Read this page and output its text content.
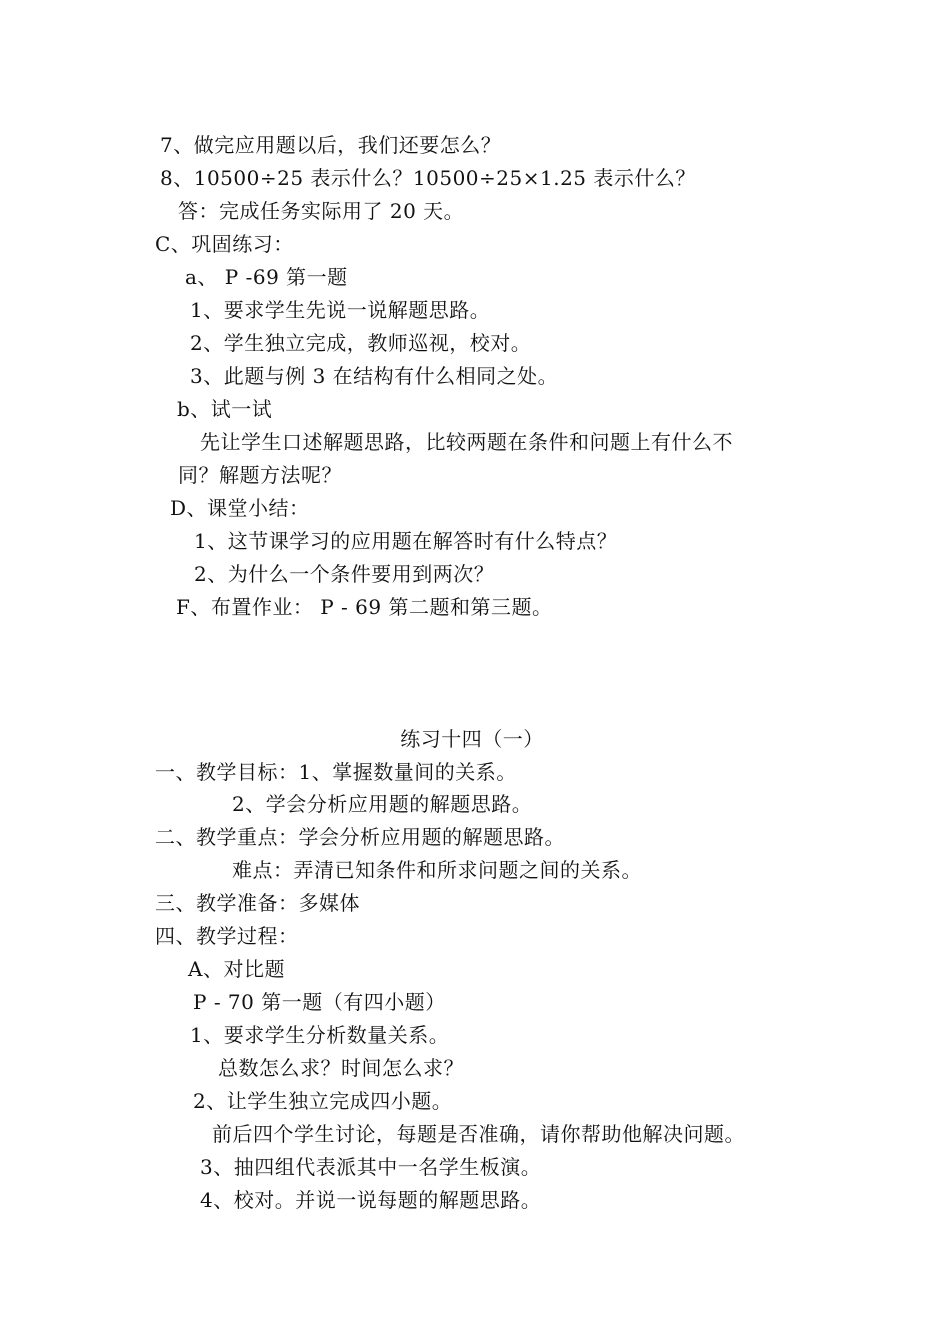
7、做完应用题以后，我们还要怎么？
8、10500÷25 表示什么？10500÷25×1.25 表示什么？
答：完成任务实际用了 20 天。
C、巩固练习：
a、 P -69 第一题
1、要求学生先说一说解题思路。
2、学生独立完成，教师巡视，校对。
3、此题与例 3 在结构有什么相同之处。
b、试一试
先让学生口述解题思路，比较两题在条件和问题上有什么不
同？解题方法呢？
D、课堂小结：
1、这节课学习的应用题在解答时有什么特点？
2、为什么一个条件要用到两次？
F、布置作业： P - 69 第二题和第三题。
练习十四（一）
一、教学目标：1、掌握数量间的关系。
2、学会分析应用题的解题思路。
二、教学重点：学会分析应用题的解题思路。
难点：弄清已知条件和所求问题之间的关系。
三、教学准备：多媒体
四、教学过程：
A、对比题
P - 70 第一题（有四小题）
1、要求学生分析数量关系。
总数怎么求？时间怎么求？
2、让学生独立完成四小题。
前后四个学生讨论，每题是否准确，请你帮助他解决问题。
3、抽四组代表派其中一名学生板演。
4、校对。并说一说每题的解题思路。
